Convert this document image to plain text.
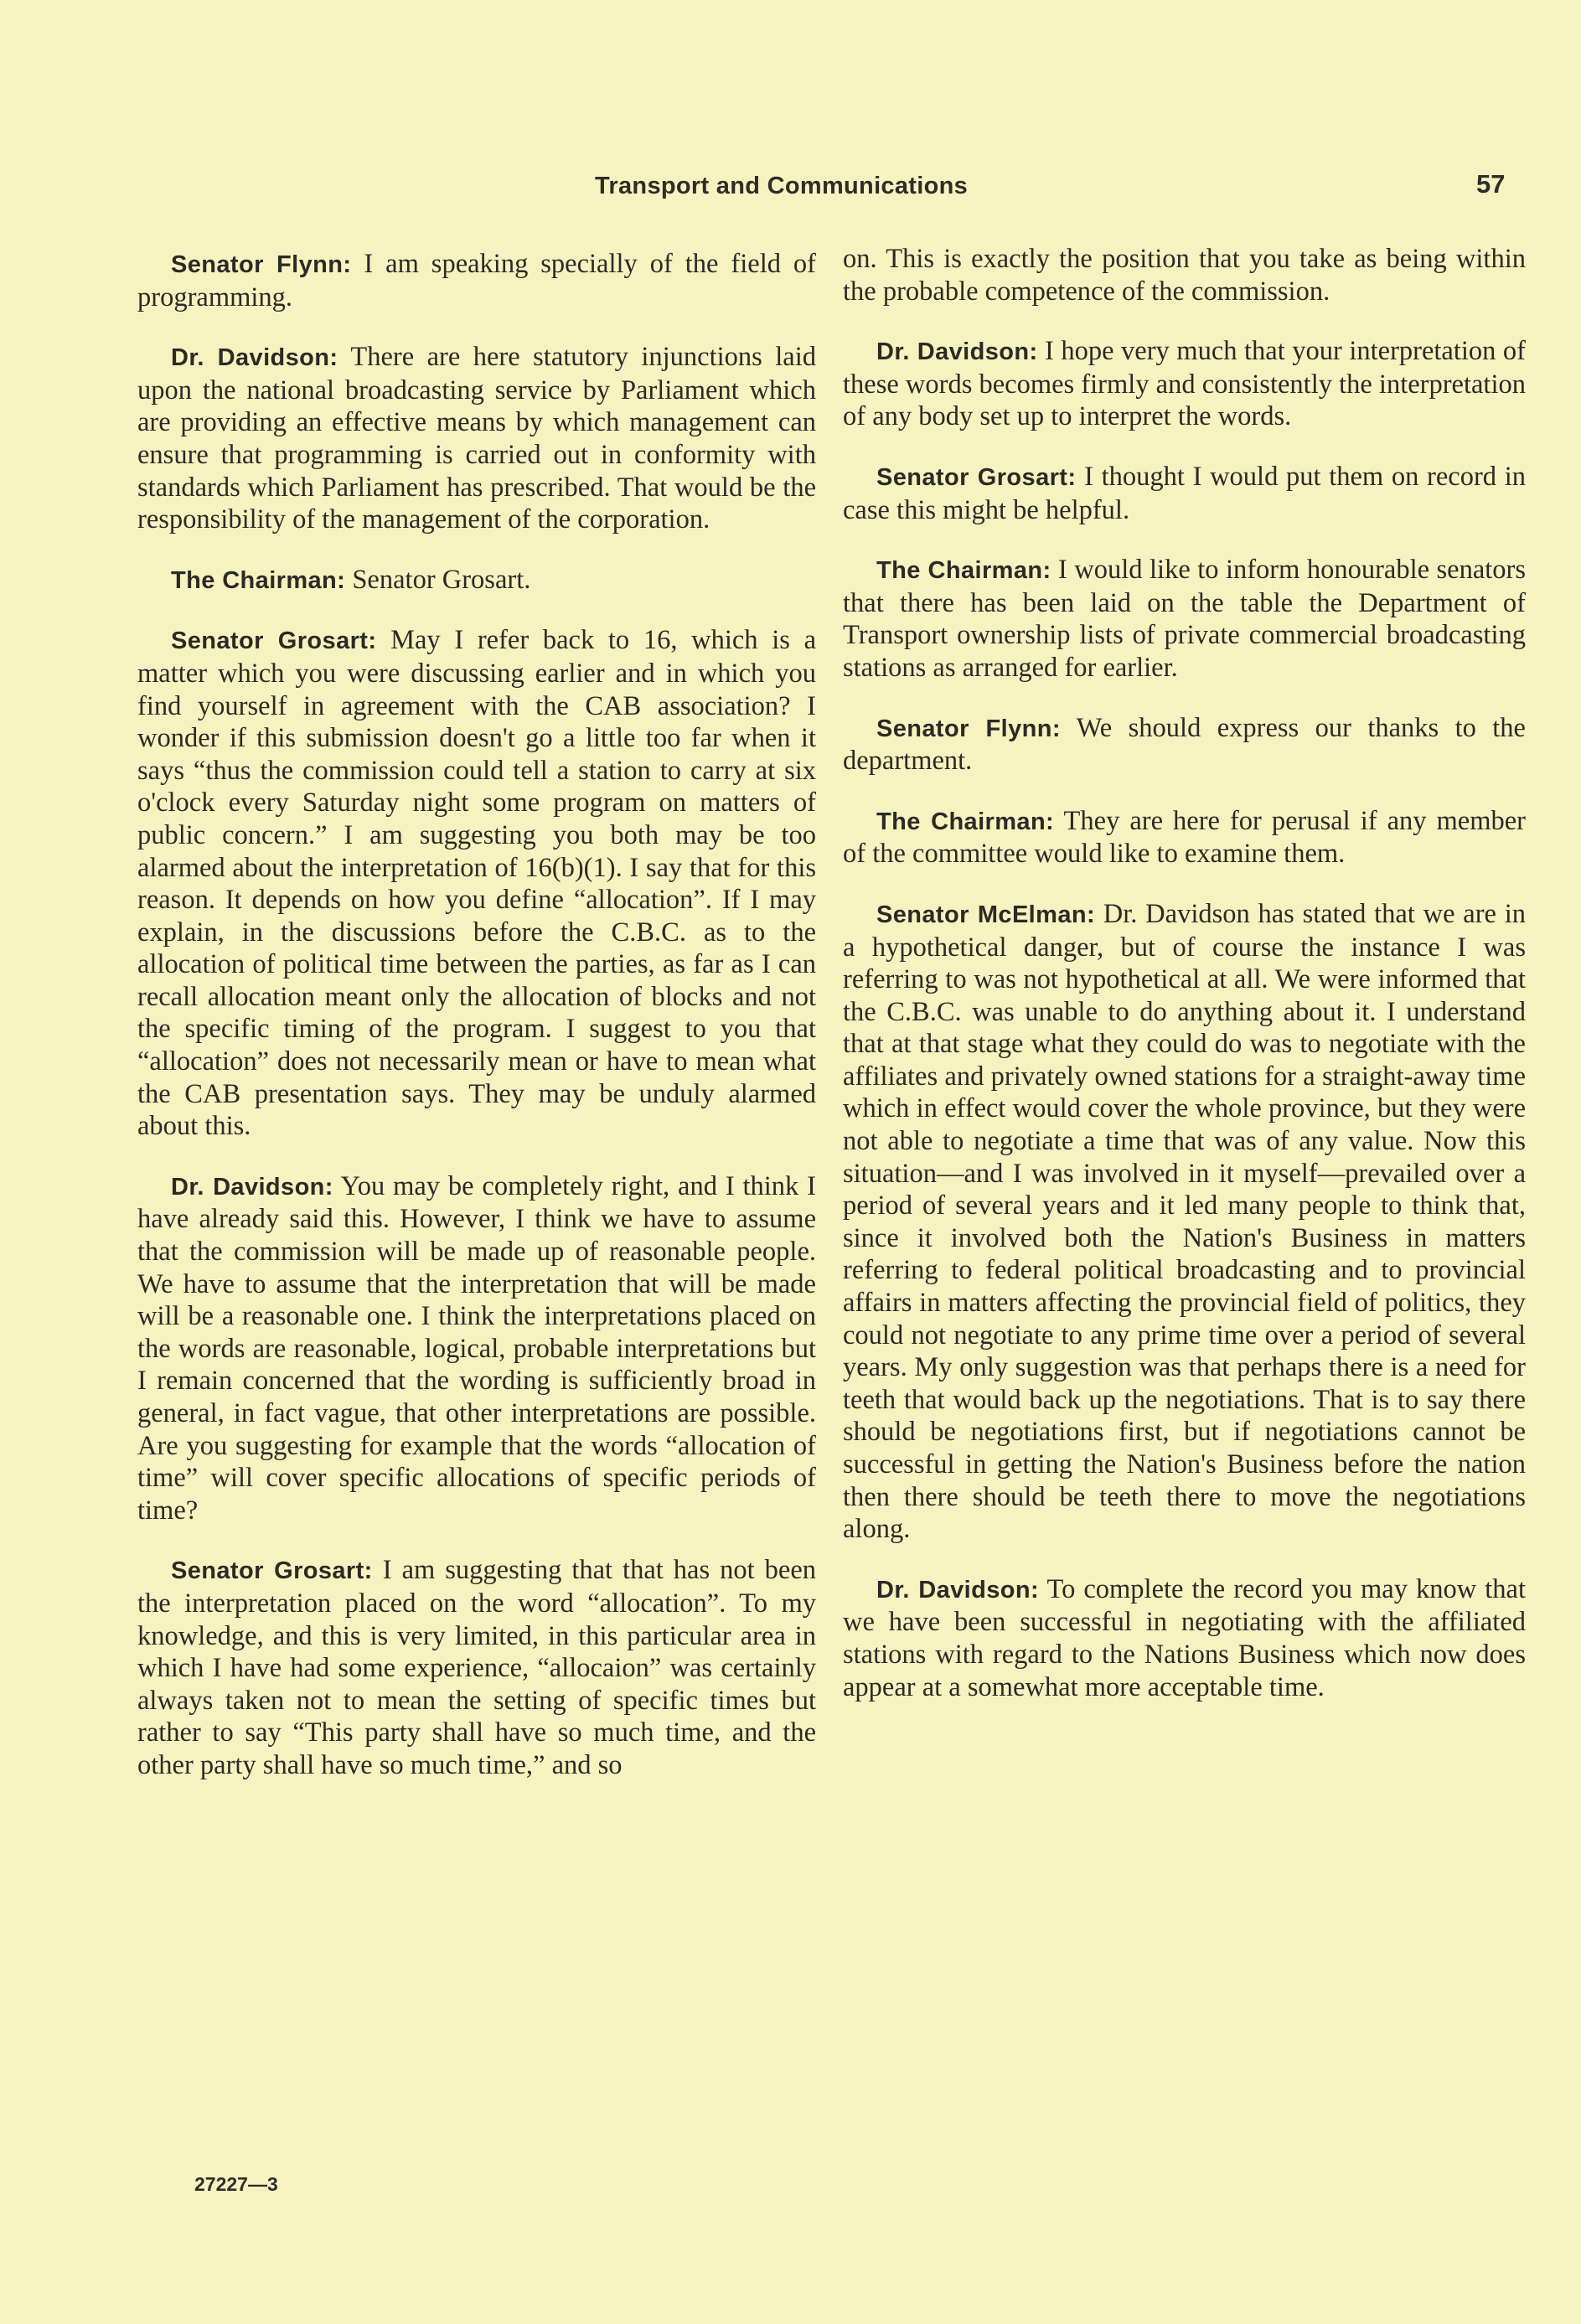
Transport and Communications	57

Senator Flynn: I am speaking specially of the field of programming.

Dr. Davidson: There are here statutory injunctions laid upon the national broadcasting service by Parliament which are providing an effective means by which management can ensure that programming is carried out in conformity with standards which Parliament has prescribed. That would be the responsibility of the management of the corporation.

The Chairman: Senator Grosart.

Senator Grosart: May I refer back to 16, which is a matter which you were discussing earlier and in which you find yourself in agreement with the CAB association? I wonder if this submission doesn't go a little too far when it says “thus the commission could tell a station to carry at six o'clock every Saturday night some program on matters of public concern.” I am suggesting you both may be too alarmed about the interpretation of 16(b)(1). I say that for this reason. It depends on how you define “allocation”. If I may explain, in the discussions before the C.B.C. as to the allocation of political time between the parties, as far as I can recall allocation meant only the allocation of blocks and not the specific timing of the program. I suggest to you that “allocation” does not necessarily mean or have to mean what the CAB presentation says. They may be unduly alarmed about this.

Dr. Davidson: You may be completely right, and I think I have already said this. However, I think we have to assume that the commission will be made up of reasonable people. We have to assume that the interpretation that will be made will be a reasonable one. I think the interpretations placed on the words are reasonable, logical, probable interpretations but I remain concerned that the wording is sufficiently broad in general, in fact vague, that other interpretations are possible. Are you suggesting for example that the words “allocation of time” will cover specific allocations of specific periods of time?

Senator Grosart: I am suggesting that that has not been the interpretation placed on the word “allocation”. To my knowledge, and this is very limited, in this particular area in which I have had some experience, “allocaion” was certainly always taken not to mean the setting of specific times but rather to say “This party shall have so much time, and the other party shall have so much time,” and so

on. This is exactly the position that you take as being within the probable competence of the commission.

Dr. Davidson: I hope very much that your interpretation of these words becomes firmly and consistently the interpretation of any body set up to interpret the words.

Senator Grosart: I thought I would put them on record in case this might be helpful.

The Chairman: I would like to inform honourable senators that there has been laid on the table the Department of Transport ownership lists of private commercial broadcasting stations as arranged for earlier.

Senator Flynn: We should express our thanks to the department.

The Chairman: They are here for perusal if any member of the committee would like to examine them.

Senator McElman: Dr. Davidson has stated that we are in a hypothetical danger, but of course the instance I was referring to was not hypothetical at all. We were informed that the C.B.C. was unable to do anything about it. I understand that at that stage what they could do was to negotiate with the affiliates and privately owned stations for a straight-away time which in effect would cover the whole province, but they were not able to negotiate a time that was of any value. Now this situation—and I was involved in it myself—prevailed over a period of several years and it led many people to think that, since it involved both the Nation's Business in matters referring to federal political broadcasting and to provincial affairs in matters affecting the provincial field of politics, they could not negotiate to any prime time over a period of several years. My only suggestion was that perhaps there is a need for teeth that would back up the negotiations. That is to say there should be negotiations first, but if negotiations cannot be successful in getting the Nation's Business before the nation then there should be teeth there to move the negotiations along.

Dr. Davidson: To complete the record you may know that we have been successful in negotiating with the affiliated stations with regard to the Nations Business which now does appear at a somewhat more acceptable time.

27227—3
